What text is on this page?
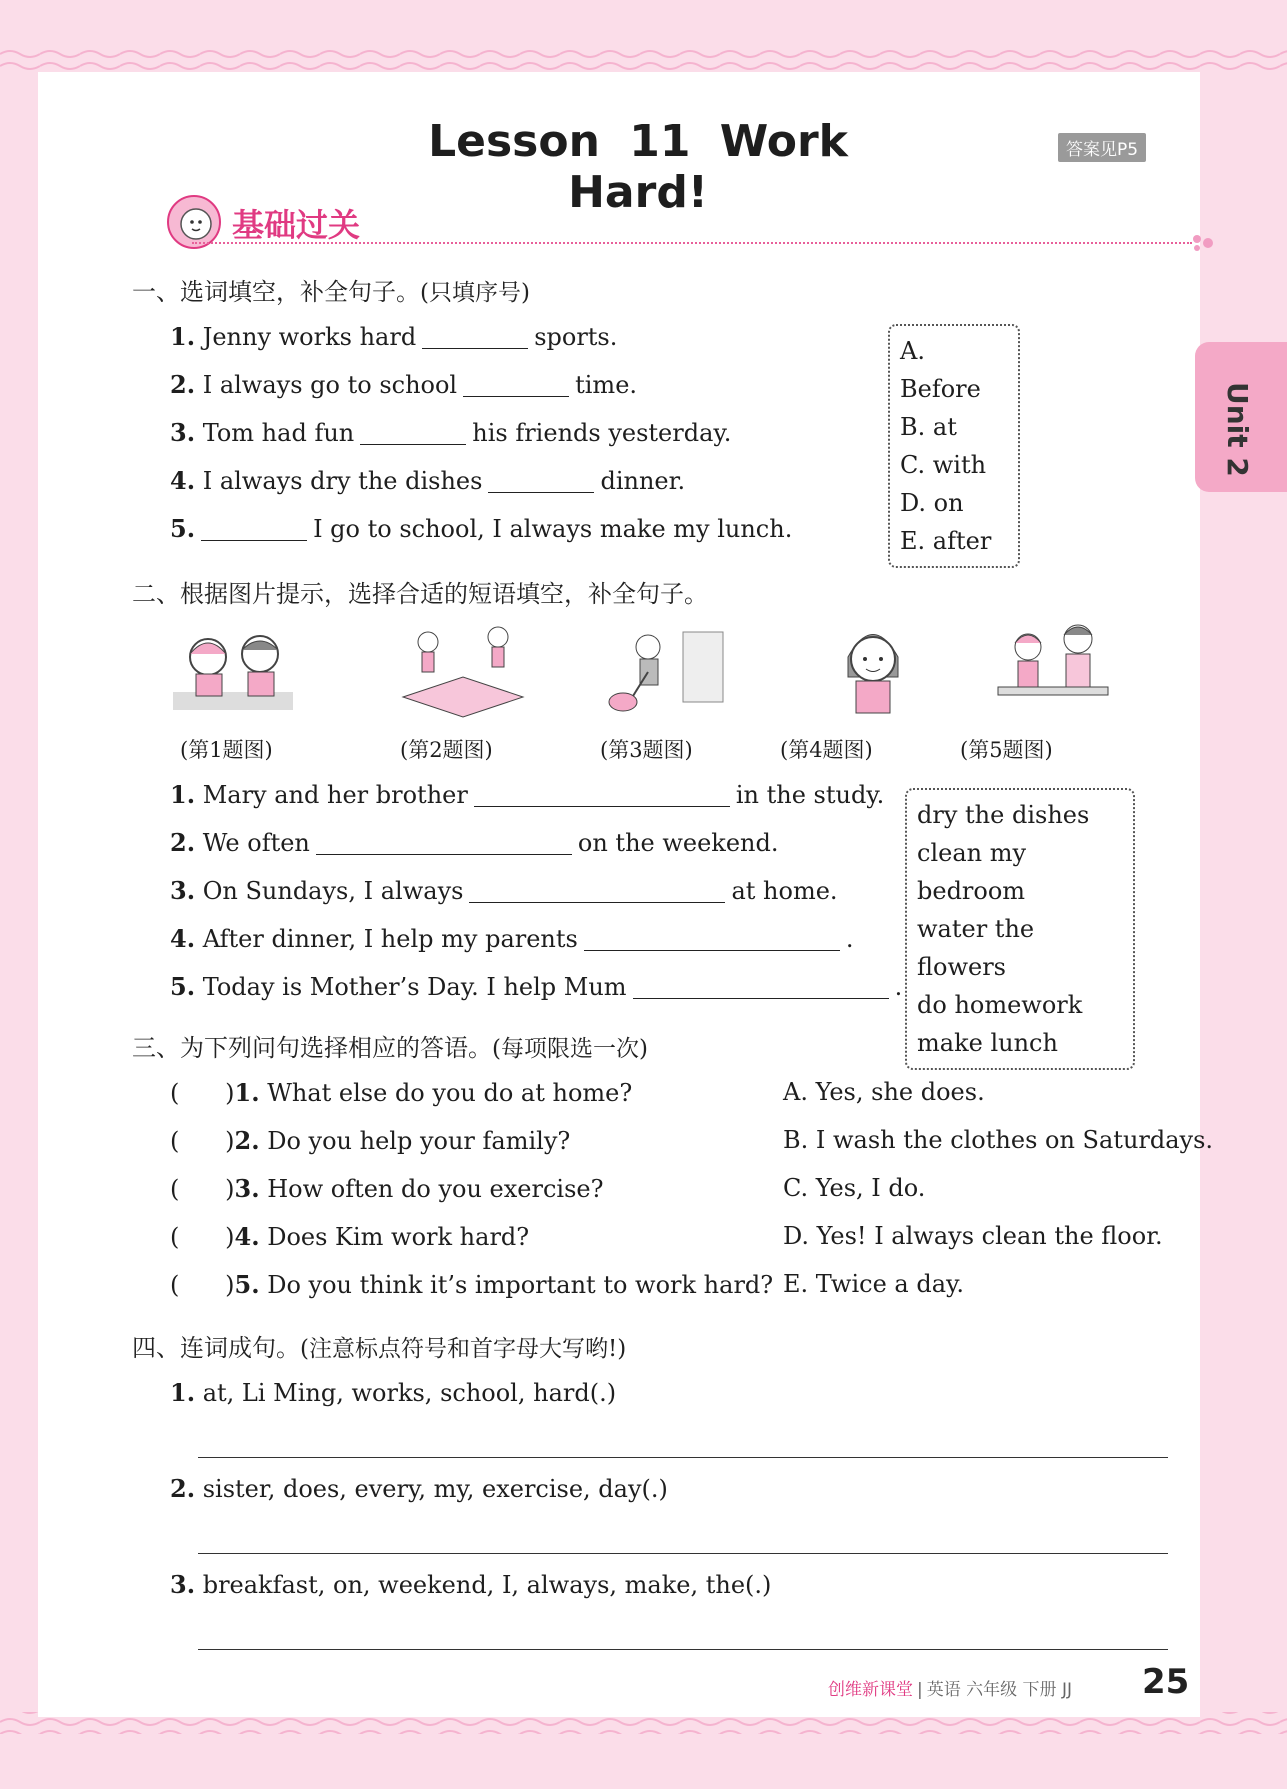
Lesson 11 Work Hard!
答案见P5
基础过关
一、选词填空，补全句子。(只填序号)
1. Jenny works hard	sports.
2. I always go to school	time.
3. Tom had fun	his friends yesterday.
4. I always dry the dishes	dinner.
5.	I go to school, I always make my lunch.
A. Before
B. at
C. with
D. on
E. after
二、根据图片提示，选择合适的短语填空，补全句子。
(第1题图)	(第2题图)	(第3题图)	(第4题图)	(第5题图)
1. Mary and her brother	in the study.
2. We often	on the weekend.
3. On Sundays, I always	at home.
4. After dinner, I help my parents	.
5. Today is Mother’s Day. I help Mum	.
dry the dishes
clean my bedroom
water the flowers
do homework
make lunch
三、为下列问句选择相应的答语。(每项限选一次)
(      )1. What else do you do at home?
(      )2. Do you help your family?
(      )3. How often do you exercise?
(      )4. Does Kim work hard?
(      )5. Do you think it’s important to work hard?
A. Yes, she does.
B. I wash the clothes on Saturdays.
C. Yes, I do.
D. Yes! I always clean the floor.
E. Twice a day.
四、连词成句。(注意标点符号和首字母大写哟!)
1. at, Li Ming, works, school, hard(.)
2. sister, does, every, my, exercise, day(.)
3. breakfast, on, weekend, I, always, make, the(.)
创维新课堂 | 英语 六年级 下册 JJ 25
Unit 2
